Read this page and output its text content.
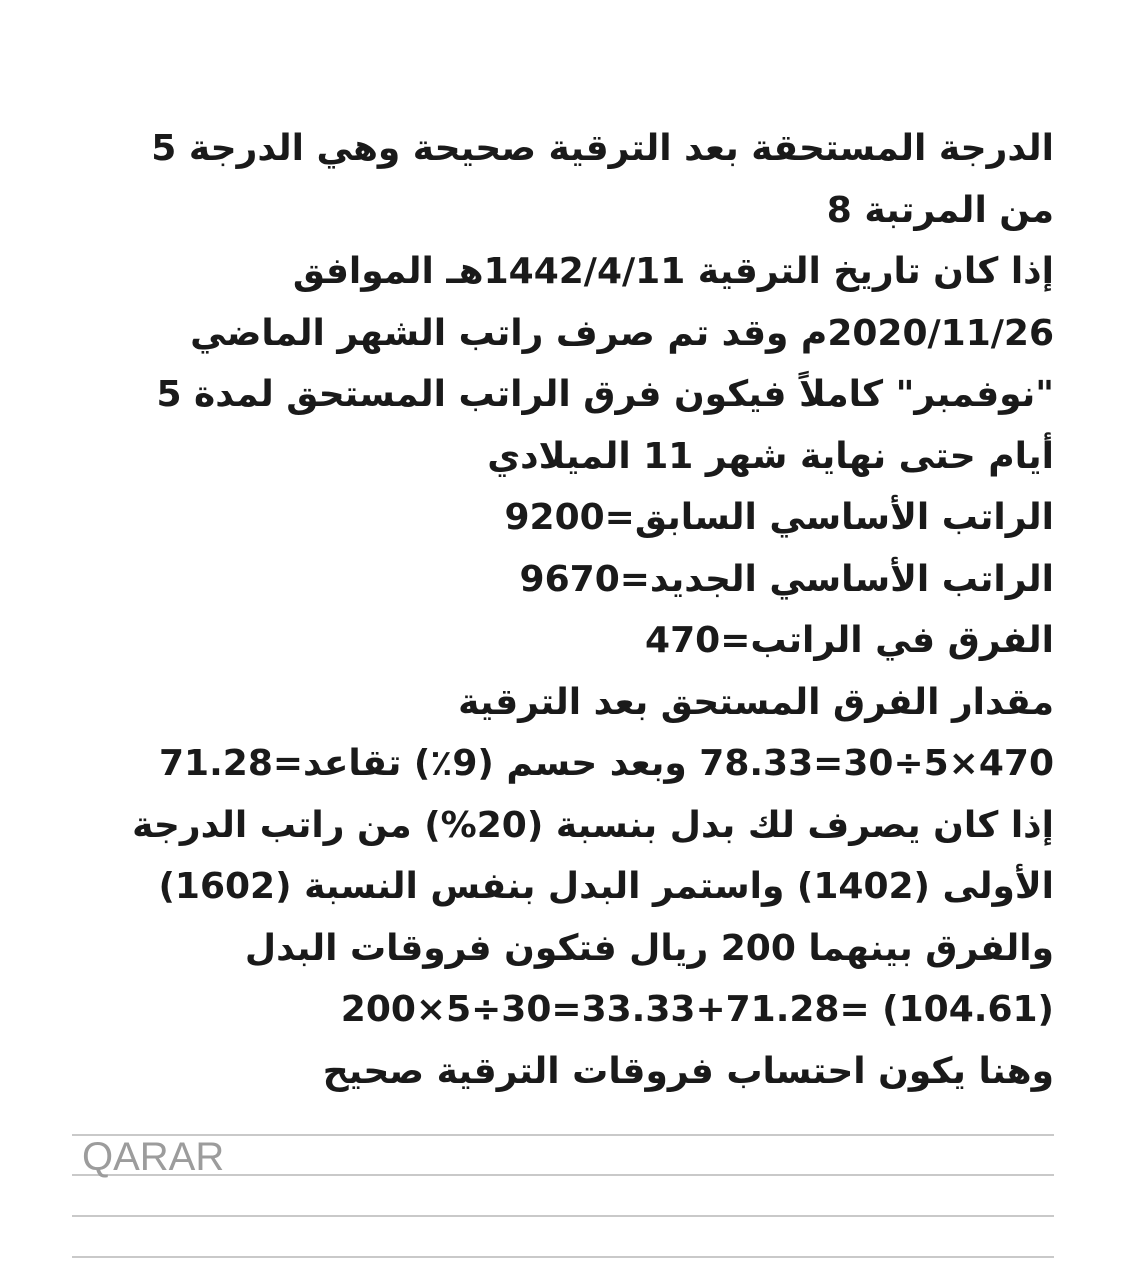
الدرجة المستحقة بعد الترقية صحيحة وهي الدرجة 5
من المرتبة 8
إذا كان تاريخ الترقية 1442/4/11هـ الموافق
2020/11/26م وقد تم صرف راتب الشهر الماضي
"نوفمبر" كاملاً فيكون فرق الراتب المستحق لمدة 5
أيام حتى نهاية شهر 11 الميلادي
الراتب الأساسي السابق=9200
الراتب الأساسي الجديد=9670
الفرق في الراتب=470
مقدار الفرق المستحق بعد الترقية
470×5÷30=78.33 وبعد حسم (9٪) تقاعد=71.28
إذا كان يصرف لك بدل بنسبة (20%) من راتب الدرجة
الأولى (1402) واستمر البدل بنفس النسبة (1602)
والفرق بينهما 200 ريال فتكون فروقات البدل
200×5÷30=33.33+71.28= (104.61)
وهنا يكون احتساب فروقات الترقية صحيح
QARAR
